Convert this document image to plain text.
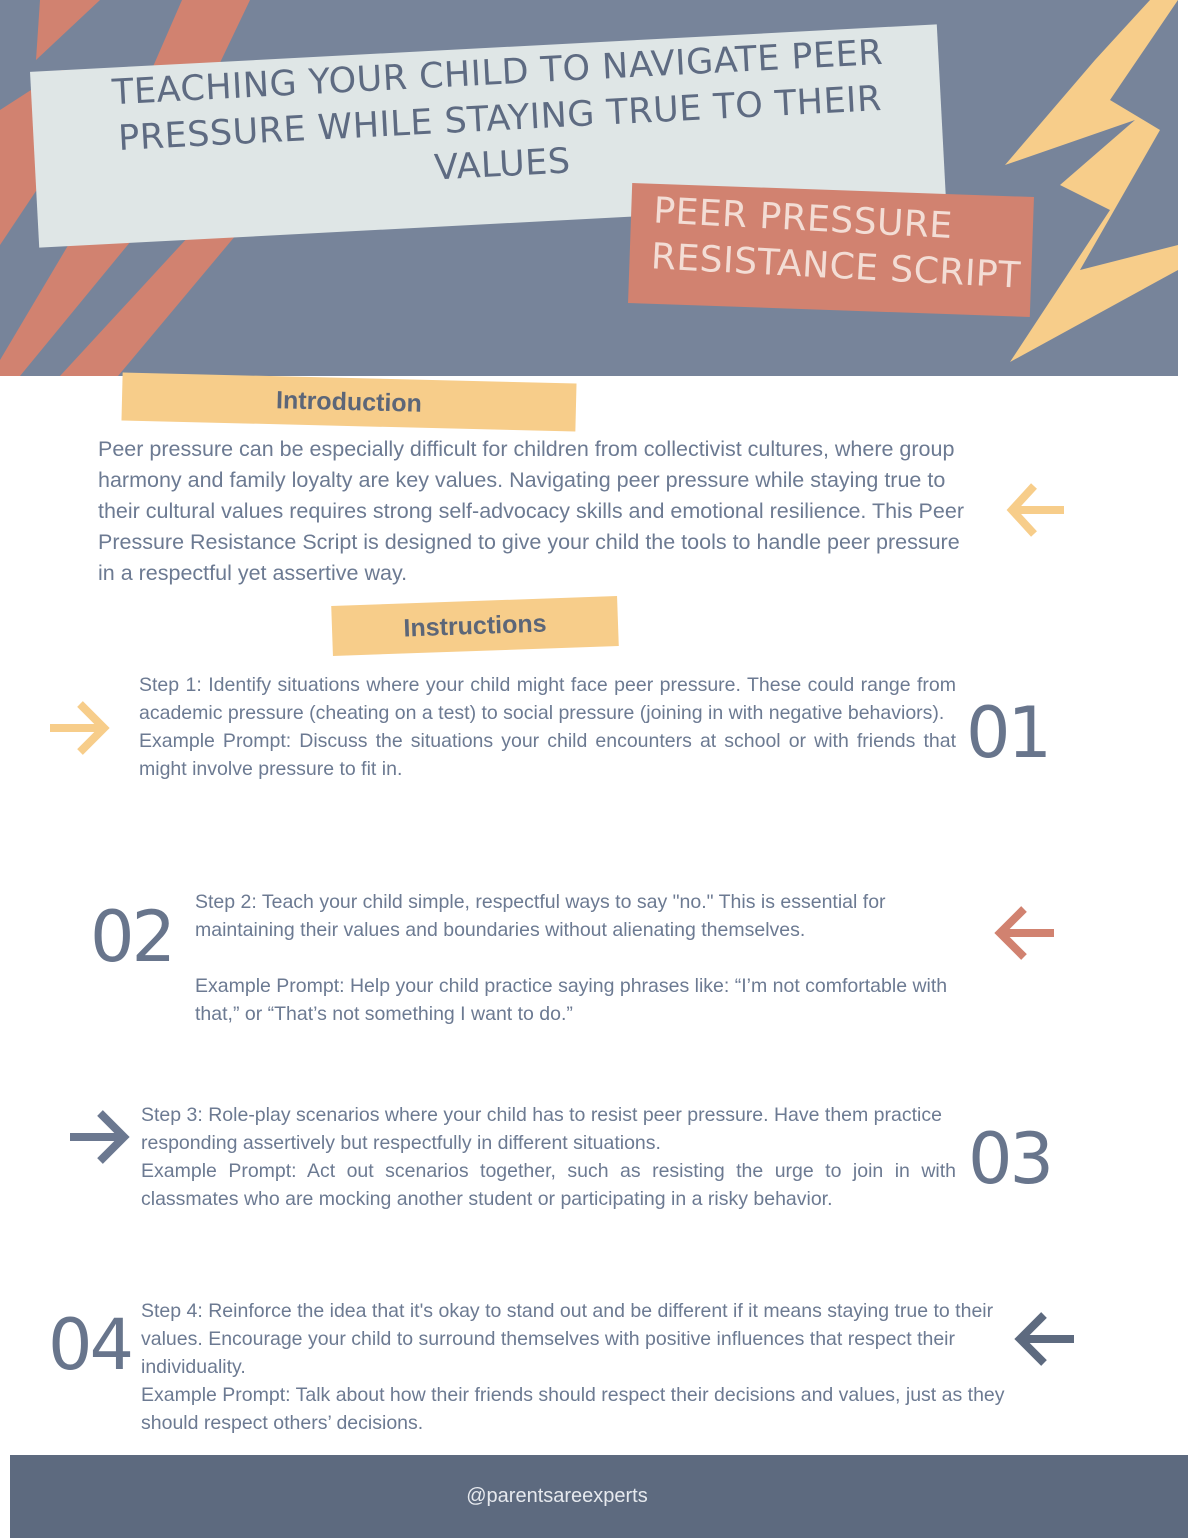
TEACHING YOUR CHILD TO NAVIGATE PEER PRESSURE WHILE STAYING TRUE TO THEIR VALUES
PEER PRESSURE RESISTANCE SCRIPT
Introduction
Peer pressure can be especially difficult for children from collectivist cultures, where group harmony and family loyalty are key values. Navigating peer pressure while staying true to their cultural values requires strong self-advocacy skills and emotional resilience. This Peer Pressure Resistance Script is designed to give your child the tools to handle peer pressure in a respectful yet assertive way.
Instructions

Step 1: Identify situations where your child might face peer pressure. These could range from academic pressure (cheating on a test) to social pressure (joining in with negative behaviors).

Example Prompt: Discuss the situations your child encounters at school or with friends that might involve pressure to fit in.	01
02 Step 2: Teach your child simple, respectful ways to say "no." This is essential for maintaining their values and boundaries without alienating themselves.

Example Prompt: Help your child practice saying phrases like: “I’m not comfortable with that,” or “That’s not something I want to do.”

Step 3: Role-play scenarios where your child has to resist peer pressure. Have them practice responding assertively but respectfully in different situations.

Example Prompt: Act out scenarios together, such as resisting the urge to join in with classmates who are mocking another student or participating in a risky behavior.	03
04 Step 4: Reinforce the idea that it's okay to stand out and be different if it means staying true to their values. Encourage your child to surround themselves with positive influences that respect their individuality.

Example Prompt: Talk about how their friends should respect their decisions and values, just as they should respect others’ decisions.

@parentsareexperts
